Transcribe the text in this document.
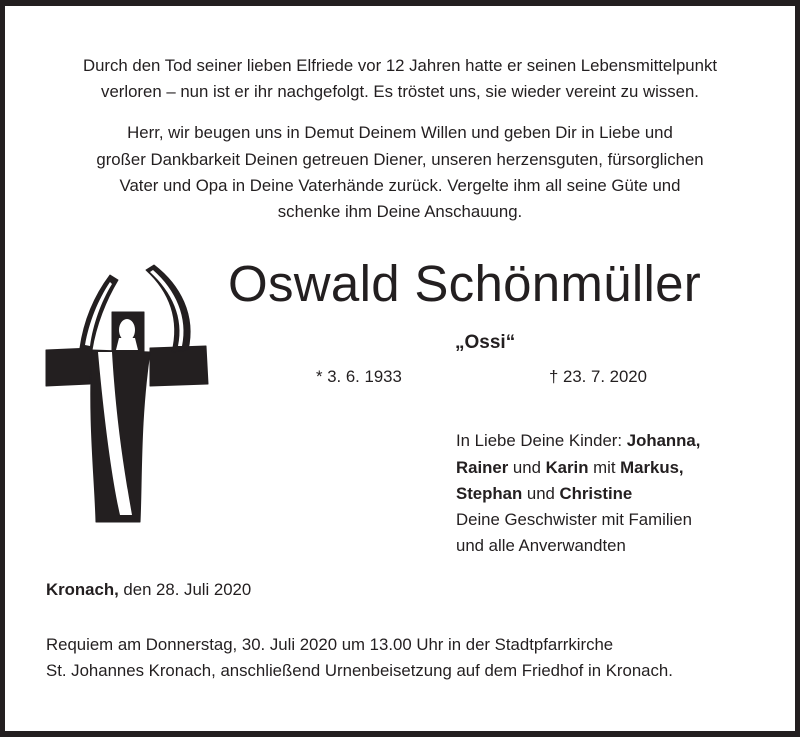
Durch den Tod seiner lieben Elfriede vor 12 Jahren hatte er seinen Lebensmittelpunkt
verloren – nun ist er ihr nachgefolgt. Es tröstet uns, sie wieder vereint zu wissen.
Herr, wir beugen uns in Demut Deinem Willen und geben Dir in Liebe und
großer Dankbarkeit Deinen getreuen Diener, unseren herzensguten, fürsorglichen
Vater und Opa in Deine Vaterhände zurück. Vergelte ihm all seine Güte und
schenke ihm Deine Anschauung.
Oswald Schönmüller
„Ossi“
* 3. 6. 1933	† 23. 7. 2020
In Liebe Deine Kinder: Johanna,
Rainer und Karin mit Markus,
Stephan und Christine
Deine Geschwister mit Familien
und alle Anverwandten
Kronach, den 28. Juli 2020
Requiem am Donnerstag, 30. Juli 2020 um 13.00 Uhr in der Stadtpfarrkirche
St. Johannes Kronach, anschließend Urnenbeisetzung auf dem Friedhof in Kronach.
